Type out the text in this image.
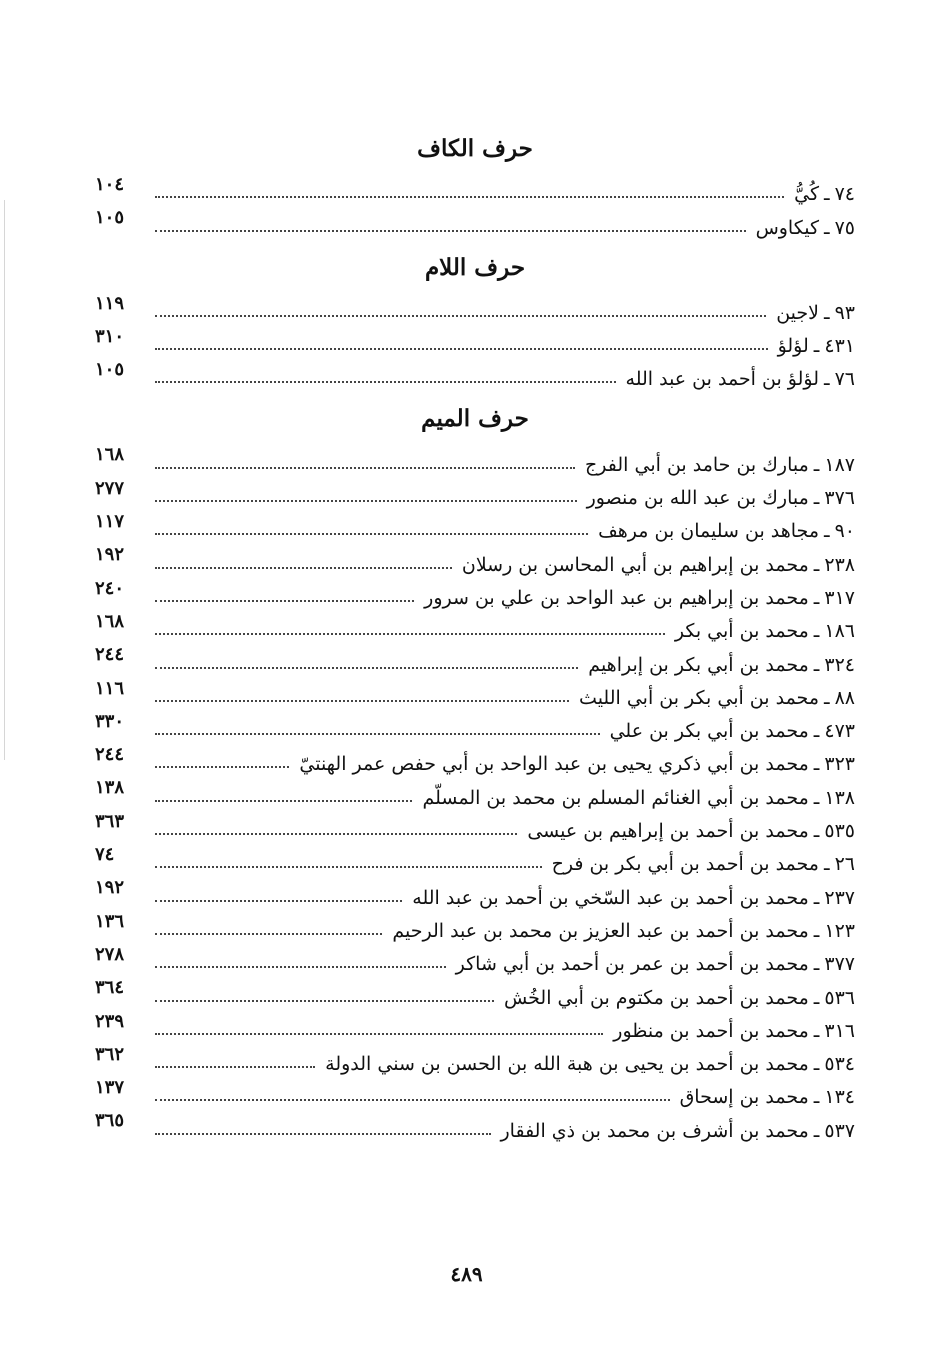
حرف الكاف
٧٤
ـ
كُيُّ
١٠٤
٧٥
ـ
كيكاوس
١٠٥
حرف اللام
٩٣
ـ
لاجين
١١٩
٤٣١
ـ
لؤلؤ
٣١٠
٧٦
ـ
لؤلؤ بن أحمد بن عبد الله
١٠٥
حرف الميم
١٨٧
ـ
مبارك بن حامد بن أبي الفرج
١٦٨
٣٧٦
ـ
مبارك بن عبد الله بن منصور
٢٧٧
٩٠
ـ
مجاهد بن سليمان بن مرهف
١١٧
٢٣٨
ـ
محمد بن إبراهيم بن أبي المحاسن بن رسلان
١٩٢
٣١٧
ـ
محمد بن إبراهيم بن عبد الواحد بن علي بن سرور
٢٤٠
١٨٦
ـ
محمد بن أبي بكر
١٦٨
٣٢٤
ـ
محمد بن أبي بكر بن إبراهيم
٢٤٤
٨٨
ـ
محمد بن أبي بكر بن أبي الليث
١١٦
٤٧٣
ـ
محمد بن أبي بكر بن علي
٣٣٠
٣٢٣
ـ
محمد بن أبي ذكري يحيى بن عبد الواحد بن أبي حفص عمر الهنتيّ
٢٤٤
١٣٨
ـ
محمد بن أبي الغنائم المسلم بن محمد بن المسلّم
١٣٨
٥٣٥
ـ
محمد بن أحمد بن إبراهيم بن عيسى
٣٦٣
٢٦
ـ
محمد بن أحمد بن أبي بكر بن فرح
٧٤
٢٣٧
ـ
محمد بن أحمد بن عبد السّخي بن أحمد بن عبد الله
١٩٢
١٢٣
ـ
محمد بن أحمد بن عبد العزيز بن محمد بن عبد الرحيم
١٣٦
٣٧٧
ـ
محمد بن أحمد بن عمر بن أحمد بن أبي شاكر
٢٧٨
٥٣٦
ـ
محمد بن أحمد بن مكتوم بن أبي الخُش
٣٦٤
٣١٦
ـ
محمد بن أحمد بن منظور
٢٣٩
٥٣٤
ـ
محمد بن أحمد بن يحيى بن هبة الله بن الحسن بن سني الدولة
٣٦٢
١٣٤
ـ
محمد بن إسحاق
١٣٧
٥٣٧
ـ
محمد بن أشرف بن محمد بن ذي الفقار
٣٦٥
٤٨٩
